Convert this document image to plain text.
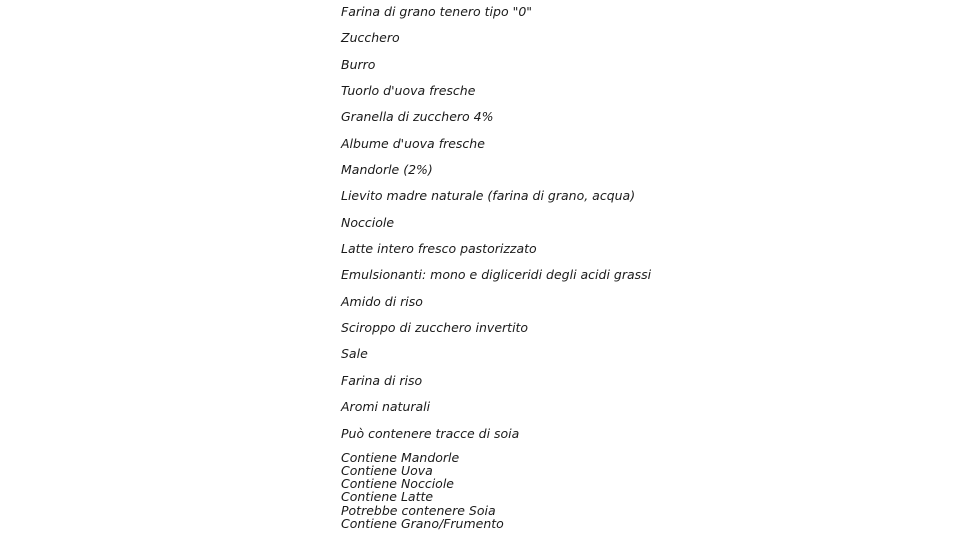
Farina di grano tenero tipo "0"
Zucchero
Burro
Tuorlo d'uova fresche
Granella di zucchero 4%
Albume d'uova fresche
Mandorle (2%)
Lievito madre naturale (farina di grano, acqua)
Nocciole
Latte intero fresco pastorizzato
Emulsionanti: mono e digliceridi degli acidi grassi
Amido di riso
Sciroppo di zucchero invertito
Sale
Farina di riso
Aromi naturali
Può contenere tracce di soia
Contiene Mandorle
Contiene Uova
Contiene Nocciole
Contiene Latte
Potrebbe contenere Soia
Contiene Grano/Frumento
